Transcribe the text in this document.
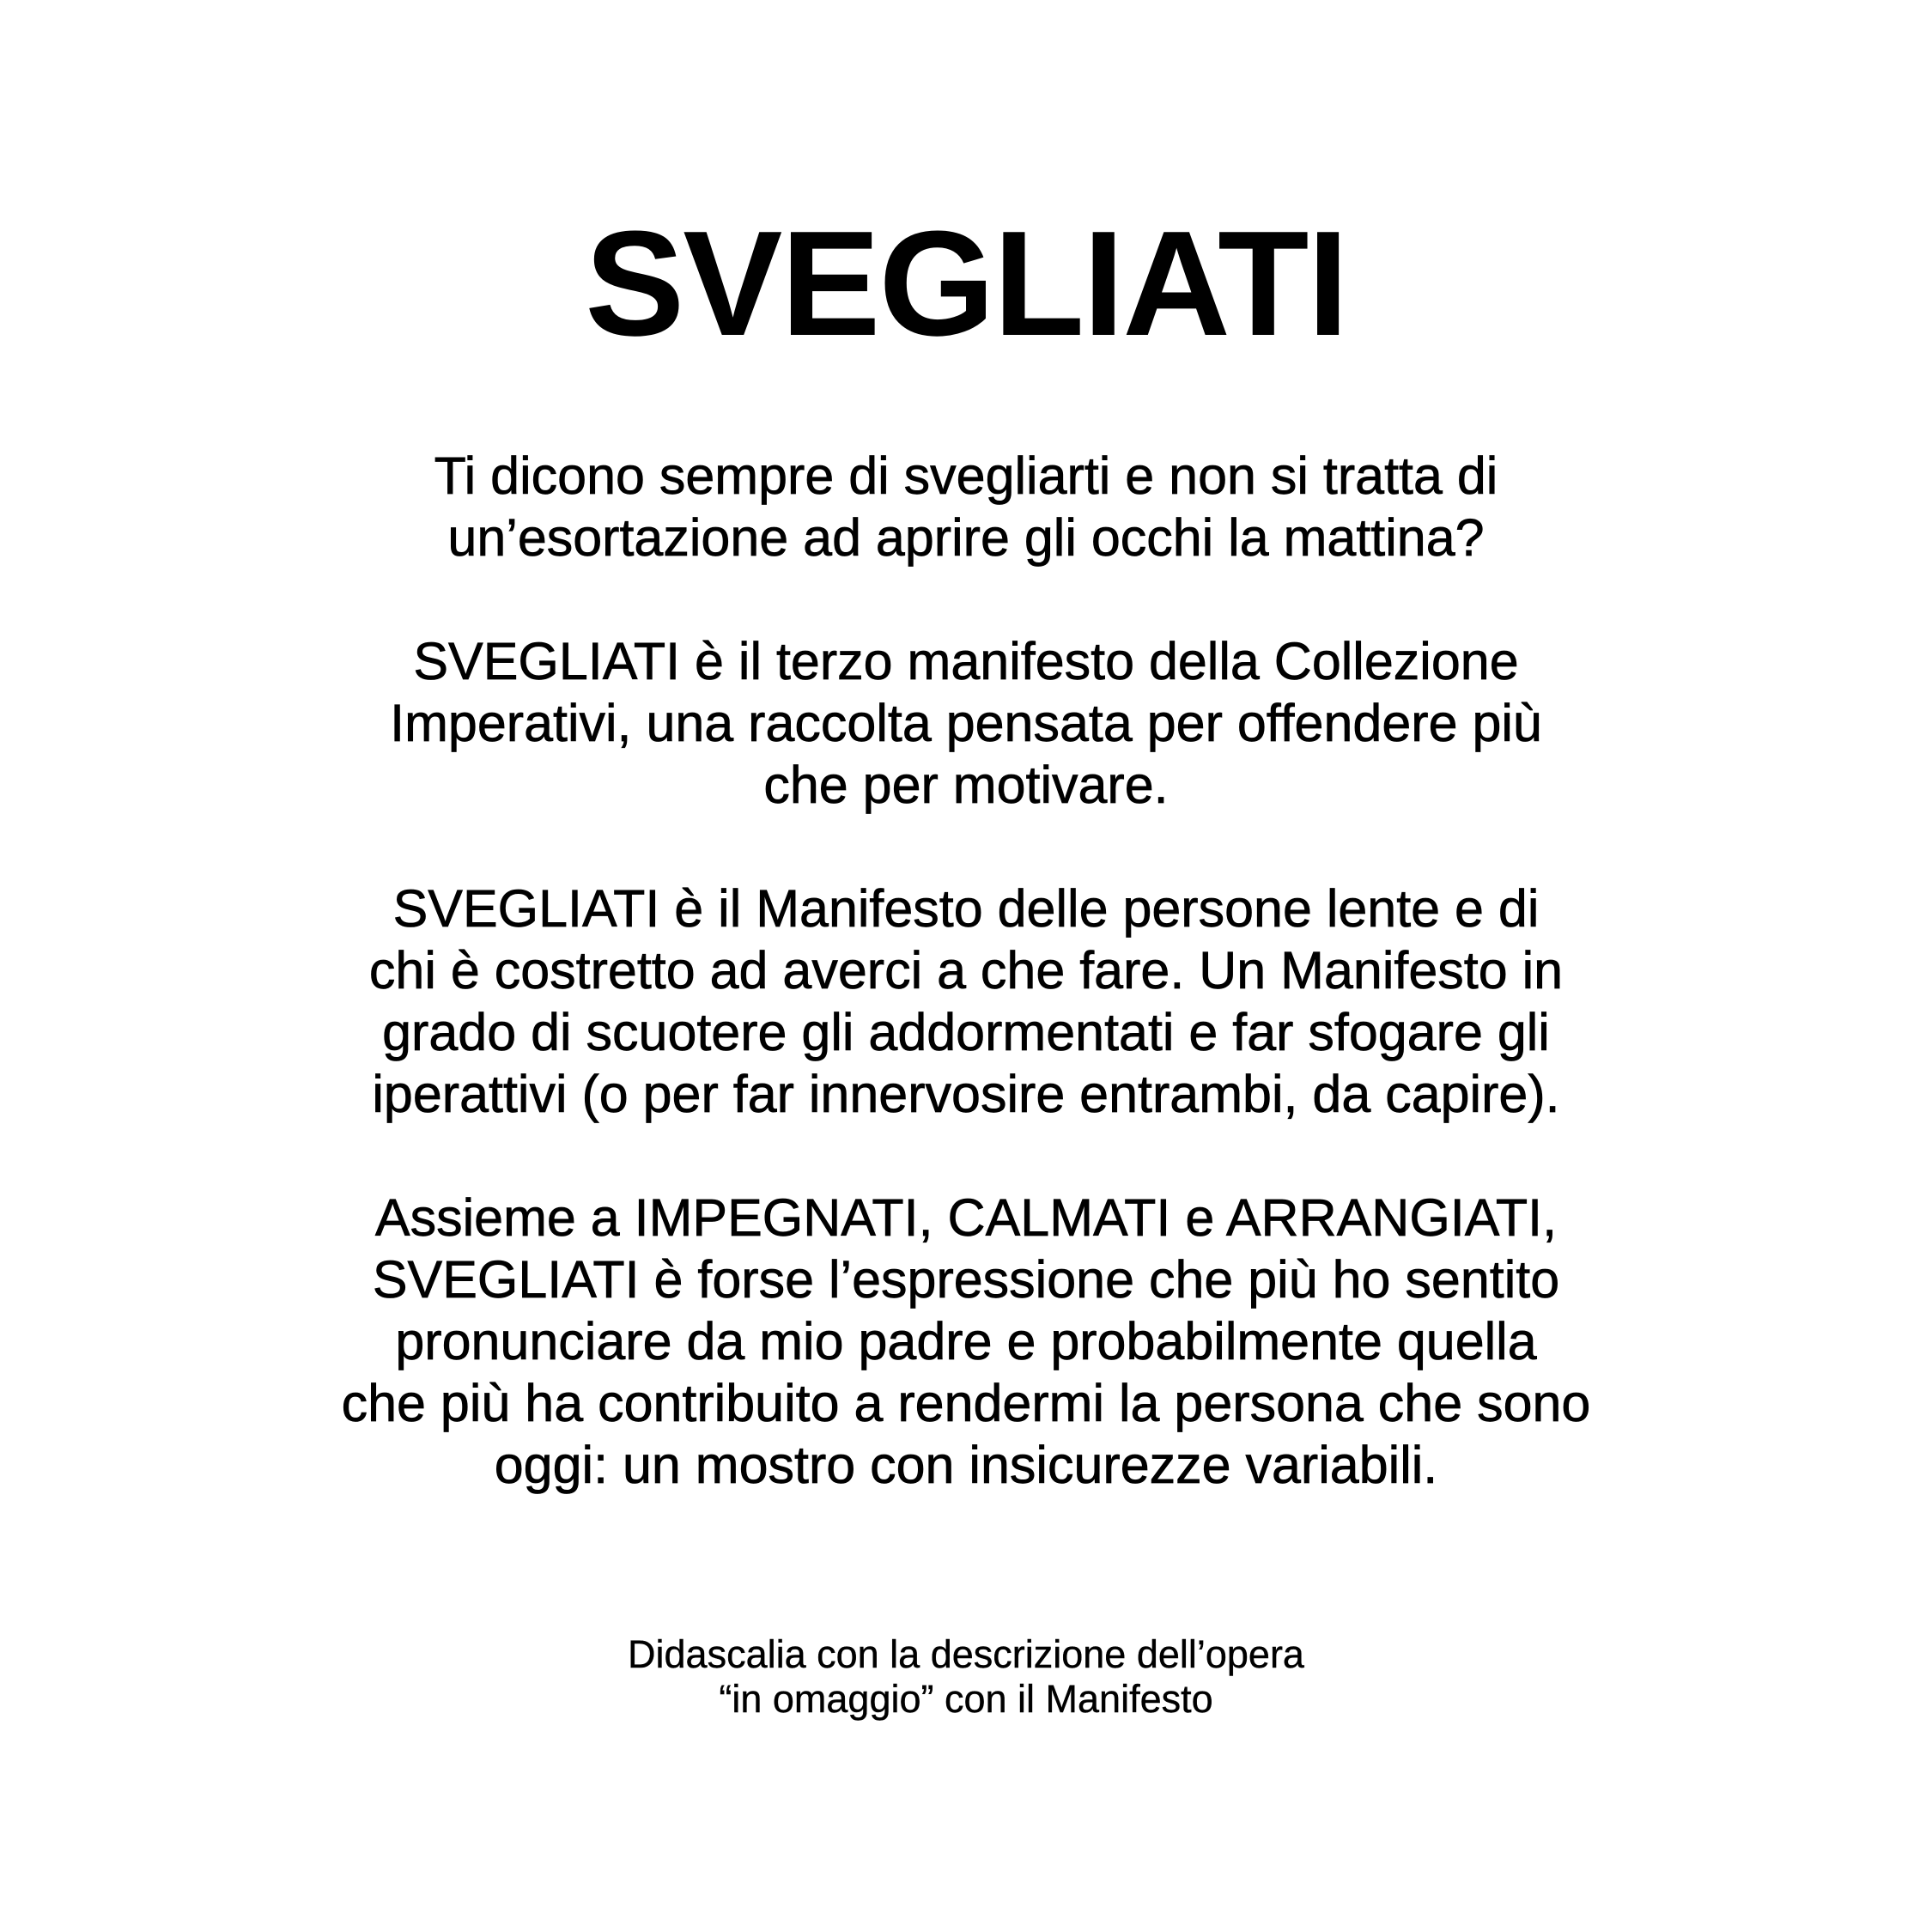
SVEGLIATI

Ti dicono sempre di svegliarti e non si tratta di
un’esortazione ad aprire gli occhi la mattina?

SVEGLIATI è il terzo manifesto della Collezione
Imperativi, una raccolta pensata per offendere più
che per motivare.

SVEGLIATI è il Manifesto delle persone lente e di
chi è costretto ad averci a che fare. Un Manifesto in
grado di scuotere gli addormentati e far sfogare gli
iperattivi (o per far innervosire entrambi, da capire).

Assieme a IMPEGNATI, CALMATI e ARRANGIATI,
SVEGLIATI è forse l’espressione che più ho sentito
pronunciare da mio padre e probabilmente quella
che più ha contribuito a rendermi la persona che sono
oggi: un mostro con insicurezze variabili.

Didascalia con la descrizione dell’opera
“in omaggio” con il Manifesto
